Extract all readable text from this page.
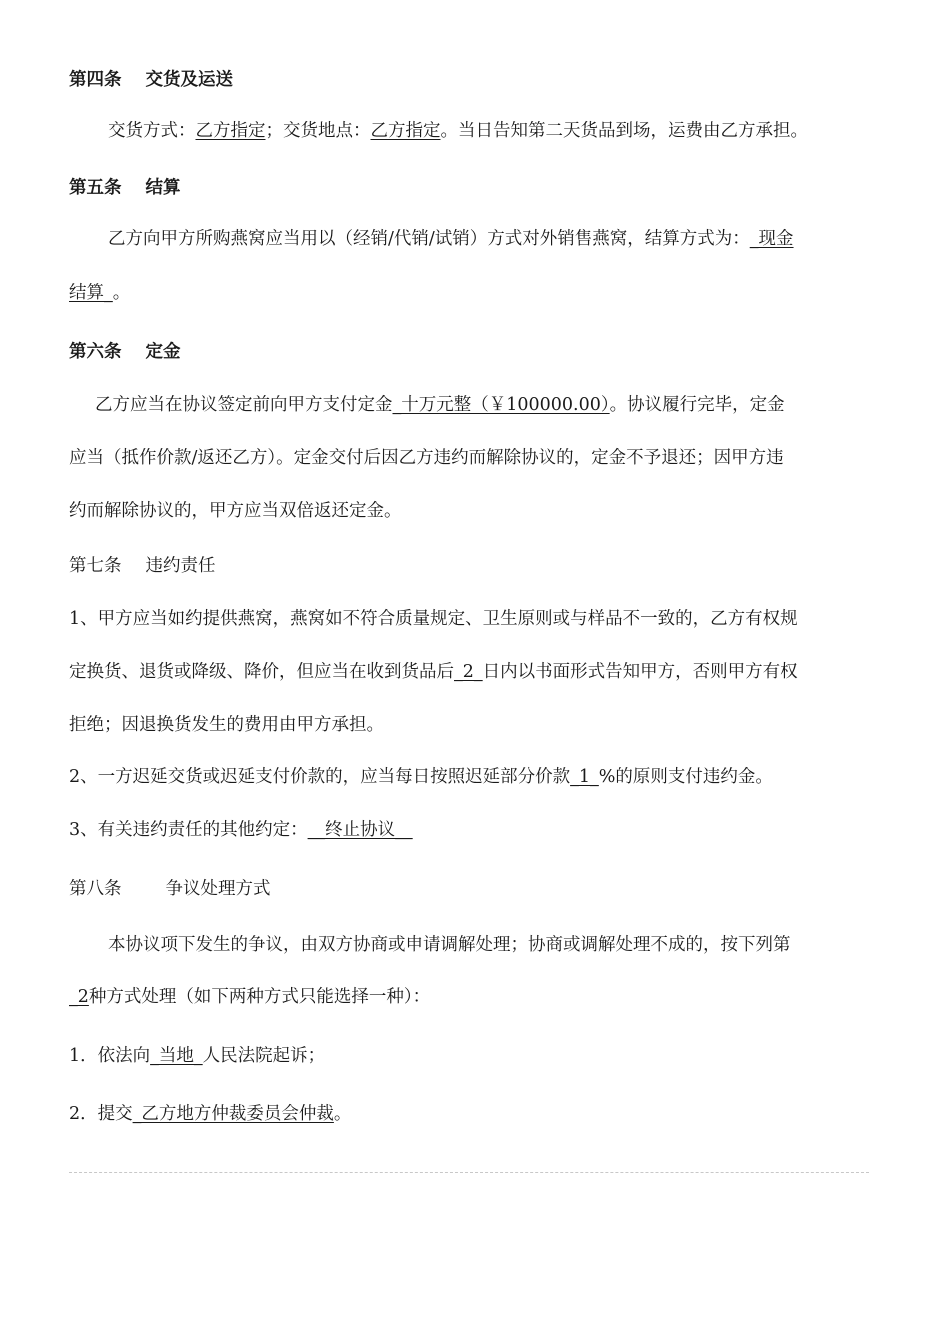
第四条 交货及运送
交货方式：乙方指定；交货地点：乙方指定。当日告知第二天货品到场，运费由乙方承担。
第五条 结算
乙方向甲方所购燕窝应当用以（经销/代销/试销）方式对外销售燕窝，结算方式为：_现金
结算_。
第六条 定金
乙方应当在协议签定前向甲方支付定金_十万元整（￥100000.00）。协议履行完毕，定金
应当（抵作价款/返还乙方）。定金交付后因乙方违约而解除协议的，定金不予退还；因甲方违
约而解除协议的，甲方应当双倍返还定金。
第七条 违约责任
1、甲方应当如约提供燕窝，燕窝如不符合质量规定、卫生原则或与样品不一致的，乙方有权规
定换货、退货或降级、降价，但应当在收到货品后_2_日内以书面形式告知甲方，否则甲方有权
拒绝；因退换货发生的费用由甲方承担。
2、一方迟延交货或迟延支付价款的，应当每日按照迟延部分价款_1_%的原则支付违约金。
3、有关违约责任的其他约定：__终止协议__
第八条	争议处理方式
本协议项下发生的争议，由双方协商或申请调解处理；协商或调解处理不成的，按下列第
_2种方式处理（如下两种方式只能选择一种）：
1．依法向_当地_人民法院起诉；
2．提交_乙方地方仲裁委员会仲裁。
